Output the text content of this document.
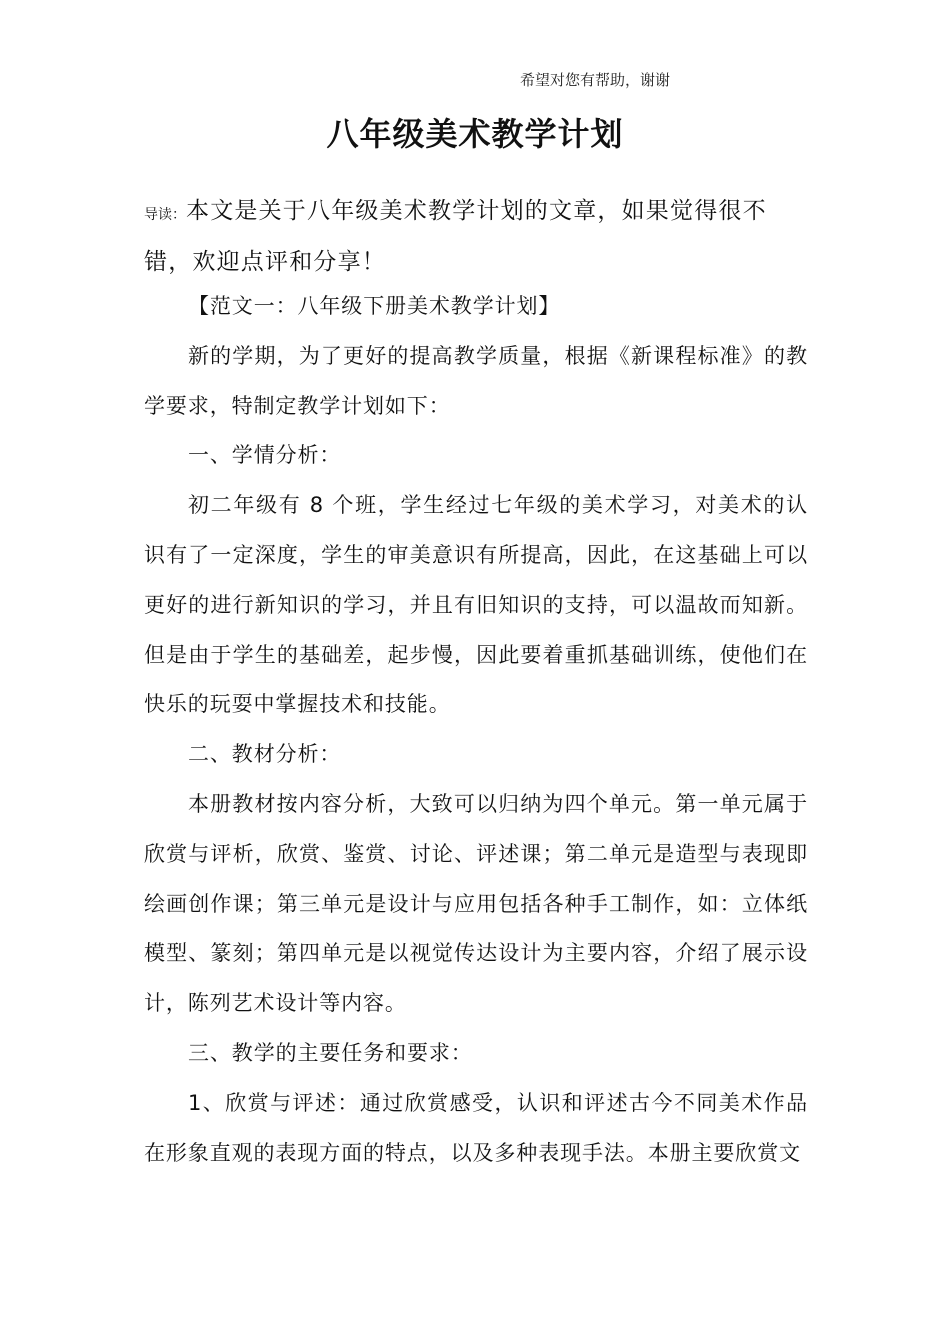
希望对您有帮助，谢谢
八年级美术教学计划
导读：本文是关于八年级美术教学计划的文章，如果觉得很不错，欢迎点评和分享！

【范文一：八年级下册美术教学计划】

新的学期，为了更好的提高教学质量，根据《新课程标准》的教学要求，特制定教学计划如下：

一、学情分析：

初二年级有 8 个班，学生经过七年级的美术学习，对美术的认识有了一定深度，学生的审美意识有所提高，因此，在这基础上可以更好的进行新知识的学习，并且有旧知识的支持，可以温故而知新。但是由于学生的基础差，起步慢，因此要着重抓基础训练，使他们在快乐的玩耍中掌握技术和技能。

二、教材分析：

本册教材按内容分析，大致可以归纳为四个单元。第一单元属于欣赏与评析，欣赏、鉴赏、讨论、评述课；第二单元是造型与表现即绘画创作课；第三单元是设计与应用包括各种手工制作，如：立体纸模型、篆刻；第四单元是以视觉传达设计为主要内容，介绍了展示设计，陈列艺术设计等内容。

三、教学的主要任务和要求：

1、欣赏与评述：通过欣赏感受，认识和评述古今不同美术作品在形象直观的表现方面的特点，以及多种表现手法。本册主要欣赏文
